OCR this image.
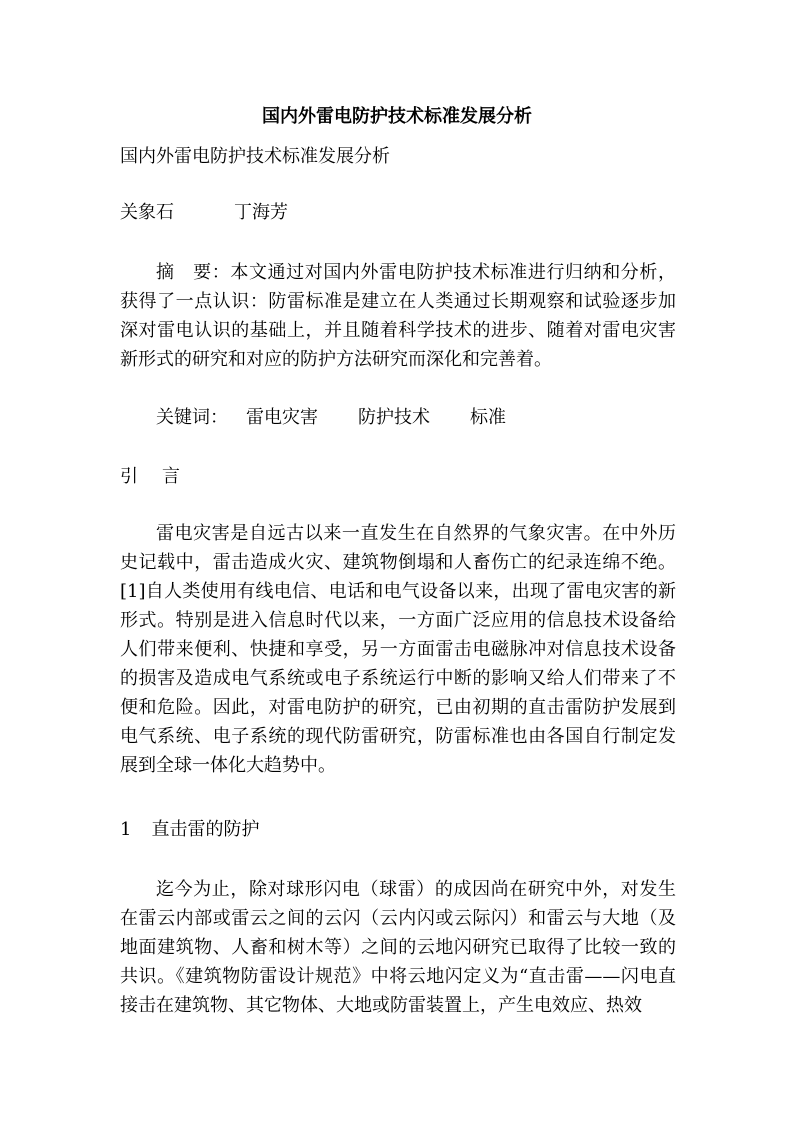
国内外雷电防护技术标准发展分析
国内外雷电防护技术标准发展分析
关象石	丁海芳

摘　要：本文通过对国内外雷电防护技术标准进行归纳和分析，获得了一点认识：防雷标准是建立在人类通过长期观察和试验逐步加深对雷电认识的基础上，并且随着科学技术的进步、随着对雷电灾害新形式的研究和对应的防护方法研究而深化和完善着。

关键词： 雷电灾害 防护技术 标准
引 言

雷电灾害是自远古以来一直发生在自然界的气象灾害。在中外历史记载中，雷击造成火灾、建筑物倒塌和人畜伤亡的纪录连绵不绝。[1]自人类使用有线电信、电话和电气设备以来，出现了雷电灾害的新形式。特别是进入信息时代以来，一方面广泛应用的信息技术设备给人们带来便利、快捷和享受，另一方面雷击电磁脉冲对信息技术设备的损害及造成电气系统或电子系统运行中断的影响又给人们带来了不便和危险。因此，对雷电防护的研究，已由初期的直击雷防护发展到电气系统、电子系统的现代防雷研究，防雷标准也由各国自行制定发展到全球一体化大趋势中。

1 直击雷的防护

迄今为止，除对球形闪电（球雷）的成因尚在研究中外，对发生在雷云内部或雷云之间的云闪（云内闪或云际闪）和雷云与大地（及地面建筑物、人畜和树木等）之间的云地闪研究已取得了比较一致的共识。《建筑物防雷设计规范》中将云地闪定义为“直击雷——闪电直接击在建筑物、其它物体、大地或防雷装置上，产生电效应、热效
